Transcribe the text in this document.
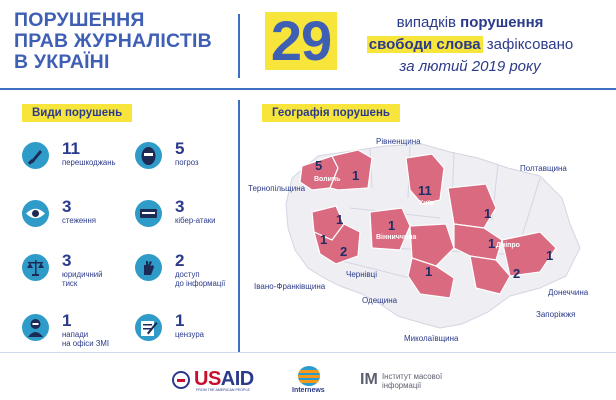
ПОРУШЕННЯ
ПРАВ ЖУРНАЛІСТІВ
В УКРАЇНІ	29	випадків порушення
свободи слова зафіксовано
за лютий 2019 року
Види порушень	Географія порушень
11
перешкоджань
5
погроз
3
стеження
3
кібер-атаки
3
юридичний
тиск
2
доступ
до інформації
1
напади
на офіси ЗМІ
1
цензура
5
Волинь 1
11
Київ
1	1
Вінниччина
1
2
1
1 Дніпро
1	2
1
Рівненщина
Полтавщина
Тернопільщина
Чернівці
Івано-Франківщина
Одещина
Донеччина
Запоріжжя
Миколаївщина
USAID
FROM THE AMERICAN PEOPLE	Internews
ІМ Інститут масової
інформації
